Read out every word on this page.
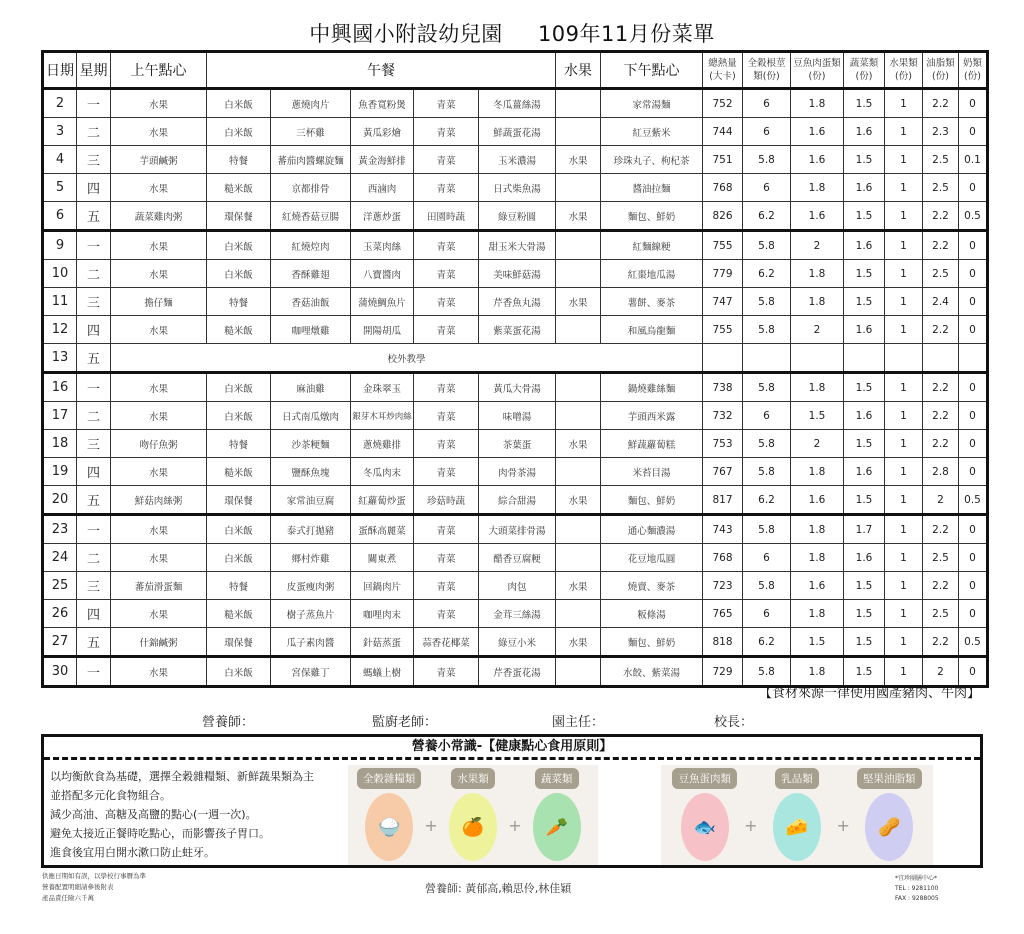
中興國小附設幼兒園 109年11月份菜單
日期	星期	上午點心	午餐					水果	下午點心	總熱量(大卡)	全穀根莖類(份)	豆魚肉蛋類(份)	蔬菜類(份)	水果類(份)	油脂類(份)	奶類(份)
2	一	水果	白米飯	蔥燒肉片	魚香寬粉煲	青菜	冬瓜薑絲湯		家常湯麵	752	6	1.8	1.5	1	2.2	0
3	二	水果	白米飯	三杯雞	黃瓜彩燴	青菜	鮮蔬蛋花湯		紅豆紫米	744	6	1.6	1.6	1	2.3	0
4	三	芋頭鹹粥	特餐	蕃茄肉醬螺旋麵	黃金海鮮排	青菜	玉米濃湯	水果	珍珠丸子、枸杞茶	751	5.8	1.6	1.5	1	2.5	0.1
5	四	水果	糙米飯	京都排骨	西滷肉	青菜	日式柴魚湯		醬油拉麵	768	6	1.8	1.6	1	2.5	0
6	五	蔬菜雞肉粥	環保餐	紅燒香菇豆腸	洋蔥炒蛋	田園時蔬	綠豆粉圓	水果	麵包、鮮奶	826	6.2	1.6	1.5	1	2.2	0.5
9	一	水果	白米飯	紅燒焢肉	玉菜肉絲	青菜	甜玉米大骨湯		紅麵線粳	755	5.8	2	1.6	1	2.2	0
10	二	水果	白米飯	香酥雞翅	八寶醬肉	青菜	美味鮮菇湯		紅棗地瓜湯	779	6.2	1.8	1.5	1	2.5	0
11	三	擔仔麵	特餐	香菇油飯	蒲燒鯛魚片	青菜	芹香魚丸湯	水果	薯餅、麥茶	747	5.8	1.8	1.5	1	2.4	0
12	四	水果	糙米飯	咖哩燉雞	開陽胡瓜	青菜	紫菜蛋花湯		和風烏龍麵	755	5.8	2	1.6	1	2.2	0
13	五	校外教學														
16	一	水果	白米飯	麻油雞	金珠翠玉	青菜	黃瓜大骨湯		鍋燒雞絲麵	738	5.8	1.8	1.5	1	2.2	0
17	二	水果	白米飯	日式南瓜燉肉	銀芽木耳炒肉絲	青菜	味噌湯		芋頭西米露	732	6	1.5	1.6	1	2.2	0
18	三	吻仔魚粥	特餐	沙茶粳麵	蔥燒雞排	青菜	茶葉蛋	水果	鮮蔬蘿蔔糕	753	5.8	2	1.5	1	2.2	0
19	四	水果	糙米飯	鹽酥魚塊	冬瓜肉末	青菜	肉骨茶湯		米苔目湯	767	5.8	1.8	1.6	1	2.8	0
20	五	鮮菇肉絲粥	環保餐	家常油豆腐	紅蘿蔔炒蛋	珍菇時蔬	綜合甜湯	水果	麵包、鮮奶	817	6.2	1.6	1.5	1	2	0.5
23	一	水果	白米飯	泰式打拋豬	蛋酥高麗菜	青菜	大頭菜排骨湯		通心麵濃湯	743	5.8	1.8	1.7	1	2.2	0
24	二	水果	白米飯	鄉村炸雞	關東煮	青菜	醋香豆腐粳		花豆地瓜圓	768	6	1.8	1.6	1	2.5	0
25	三	蕃茄滑蛋麵	特餐	皮蛋瘦肉粥	回鍋肉片	青菜	肉包	水果	燒賣、麥茶	723	5.8	1.6	1.5	1	2.2	0
26	四	水果	糙米飯	樹子蒸魚片	咖哩肉末	青菜	金茸三絲湯		粄條湯	765	6	1.8	1.5	1	2.5	0
27	五	什錦鹹粥	環保餐	瓜子素肉醬	針菇蒸蛋	蒜香花椰菜	綠豆小米	水果	麵包、鮮奶	818	6.2	1.5	1.5	1	2.2	0.5
30	一	水果	白米飯	宮保雞丁	螞蟻上樹	青菜	芹香蛋花湯		水餃、紫菜湯	729	5.8	1.8	1.5	1	2	0
【食材來源一律使用國產豬肉、牛肉】
營養師：	監廚老師：	園主任：	校長：
營養小常識-【健康點心食用原則】
以均衡飲食為基礎，選擇全穀雜糧類、新鮮蔬果類為主
並搭配多元化食物組合。
減少高油、高糖及高鹽的點心(一週一次)。
避免太接近正餐時吃點心，而影響孩子胃口。
進食後宜用白開水漱口防止蛀牙。
全穀雜糧類
🍚	+
水果類
🍊	+
蔬菜類
🥕
豆魚蛋肉類
🐟	+
乳品類
🧀	+
堅果油脂類
🥜
供應日期如有誤，以學校行事曆為準
營養配置明細請參後附表
產品責任險六千萬
營養師: 黃郁高,賴思伶,林佳穎
*宜珍團膳中心*
TEL : 9281100
FAX : 9288005
